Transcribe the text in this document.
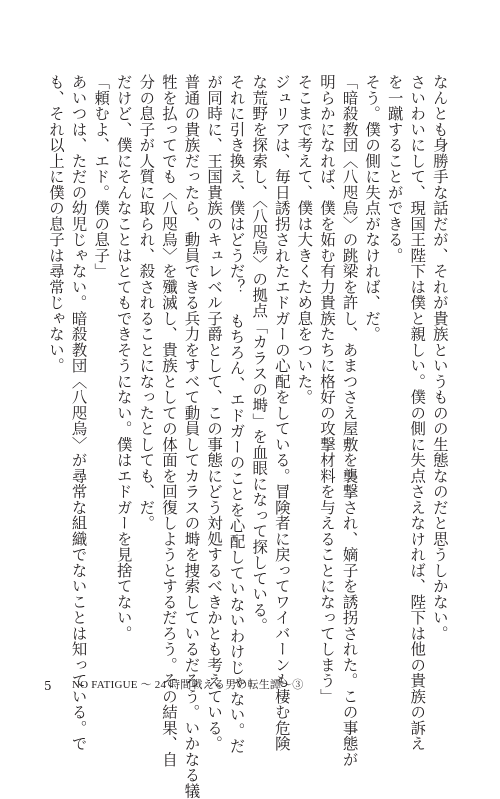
なんとも身勝手な話だが、それが貴族というものの生態なのだと思うしかない。
さいわいにして、現国王陛下は僕と親しい。僕の側に失点さえなければ、陛下は他の貴族の訴え
を一蹴することができる。
そう。僕の側に失点がなければ、だ。
「暗殺教団〈八咫烏〉の跳梁を許し、あまつさえ屋敷を襲撃され、嫡子を誘拐された。この事態が
明らかになれば、僕を妬む有力貴族たちに格好の攻撃材料を与えることになってしまう」
そこまで考えて、僕は大きくため息をついた。
ジュリアは、毎日誘拐されたエドガーの心配をしている。冒険者に戻ってワイバーンも棲む危険
な荒野を探索し、〈八咫烏〉の拠点「カラスの塒」を血眼になって探している。
それに引き換え、僕はどうだ？ もちろん、エドガーのことを心配していないわけじゃない。だ
が同時に、王国貴族のキュレベル子爵として、この事態にどう対処するべきかとも考えている。
普通の貴族だったら、動員できる兵力をすべて動員してカラスの塒を捜索しているだろう。いかなる犠
牲を払ってでも〈八咫烏〉を殲滅し、貴族としての体面を回復しようとするだろう。その結果、自
分の息子が人質に取られ、殺されることになったとしても、だ。
だけど、僕にそんなことはとてもできそうにない。僕はエドガーを見捨てない。
「頼むよ、エド。僕の息子」
あいつは、ただの幼児じゃない。暗殺教団〈八咫烏〉が尋常な組織でないことは知っている。で
も、それ以上に僕の息子は尋常じゃない。
5 NO FATIGUE ～ 24 時間戦える男の転生譚～③
